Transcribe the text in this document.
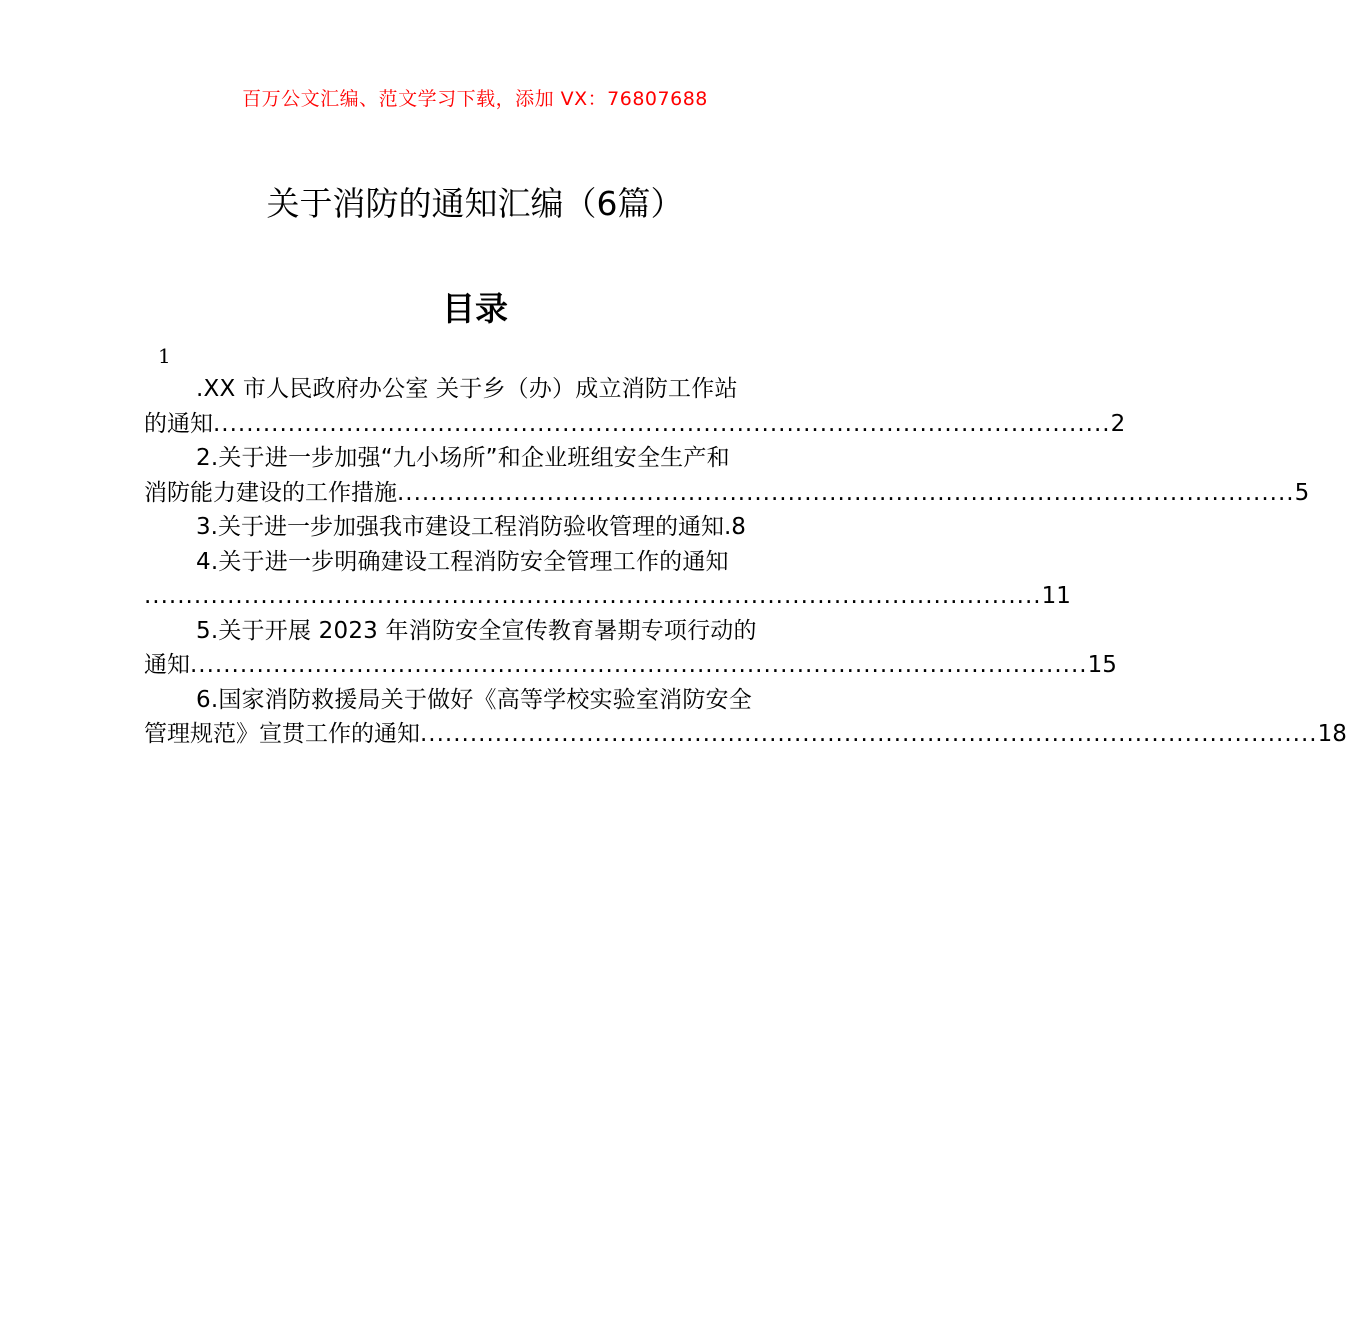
百万公文汇编、范文学习下载，添加 VX：76807688
关于消防的通知汇编（6篇）
目录
1
.XX 市人民政府办公室 关于乡（办）成立消防工作站
的通知 ............................................................................................................ 2
2.关于进一步加强“九小场所”和企业班组安全生产和
消防能力建设的工作措施 ............................................................................................................ 5
3.关于进一步加强我市建设工程消防验收管理的通知. 8
4.关于进一步明确建设工程消防安全管理工作的通知
............................................................................................................ 11
5.关于开展 2023 年消防安全宣传教育暑期专项行动的
通知 ............................................................................................................ 15
6.国家消防救援局关于做好《高等学校实验室消防安全
管理规范》宣贯工作的通知 ............................................................................................................ 18
